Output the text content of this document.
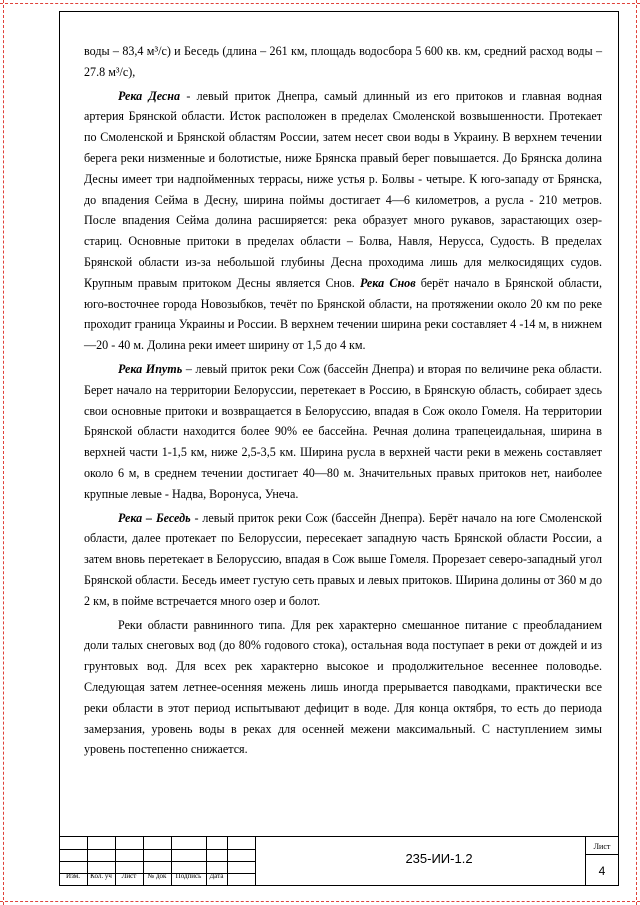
воды – 83,4 м³/с) и Беседь (длина – 261 км, площадь водосбора 5 600 кв. км, средний расход воды – 27.8 м³/с),

Река Десна - левый приток Днепра, самый длинный из его притоков и главная водная артерия Брянской области. Исток расположен в пределах Смоленской возвышенности. Протекает по Смоленской и Брянской областям России, затем несет свои воды в Украину. В верхнем течении берега реки низменные и болотистые, ниже Брянска правый берег повышается. До Брянска долина Десны имеет три надпойменных террасы, ниже устья р. Болвы - четыре. К юго-западу от Брянска, до впадения Сейма в Десну, ширина поймы достигает 4—6 километров, а русла - 210 метров. После впадения Сейма долина расширяется: река образует много рукавов, зарастающих озер-стариц. Основные притоки в пределах области – Болва, Навля, Нерусса, Судость. В пределах Брянской области из-за небольшой глубины Десна проходима лишь для мелкосидящих судов. Крупным правым притоком Десны является Снов. Река Снов берёт начало в Брянской области, юго-восточнее города Новозыбков, течёт по Брянской области, на протяжении около 20 км по реке проходит граница Украины и России. В верхнем течении ширина реки составляет 4 -14 м, в нижнем —20 - 40 м. Долина реки имеет ширину от 1,5 до 4 км.

Река Ипуть – левый приток реки Сож (бассейн Днепра) и вторая по величине река области. Берет начало на территории Белоруссии, перетекает в Россию, в Брянскую область, собирает здесь свои основные притоки и возвращается в Белоруссию, впадая в Сож около Гомеля. На территории Брянской области находится более 90% ее бассейна. Речная долина трапецеидальная, ширина в верхней части 1-1,5 км, ниже 2,5-3,5 км. Ширина русла в верхней части реки в межень составляет около 6 м, в среднем течении достигает 40—80 м. Значительных правых притоков нет, наиболее крупные левые - Надва, Воронуса, Унеча.

Река – Беседь - левый приток реки Сож (бассейн Днепра). Берёт начало на юге Смоленской области, далее протекает по Белоруссии, пересекает западную часть Брянской области России, а затем вновь перетекает в Белоруссию, впадая в Сож выше Гомеля. Прорезает северо-западный угол Брянской области. Беседь имеет густую сеть правых и левых притоков. Ширина долины от 360 м до 2 км, в пойме встречается много озер и болот.

Реки области равнинного типа. Для рек характерно смешанное питание с преобладанием доли талых снеговых вод (до 80% годового стока), остальная вода поступает в реки от дождей и из грунтовых вод. Для всех рек характерно высокое и продолжительное весеннее половодье. Следующая затем летнее-осенняя межень лишь иногда прерывается паводками, практически все реки области в этот период испытывают дефицит в воде. Для конца октября, то есть до периода замерзания, уровень воды в реках для осенней межени максимальный. С наступлением зимы уровень постепенно снижается.

Изм.	Кол. уч	Лист	№ док	Подпись	Дата
235-ИИ-1.2
Лист
4
